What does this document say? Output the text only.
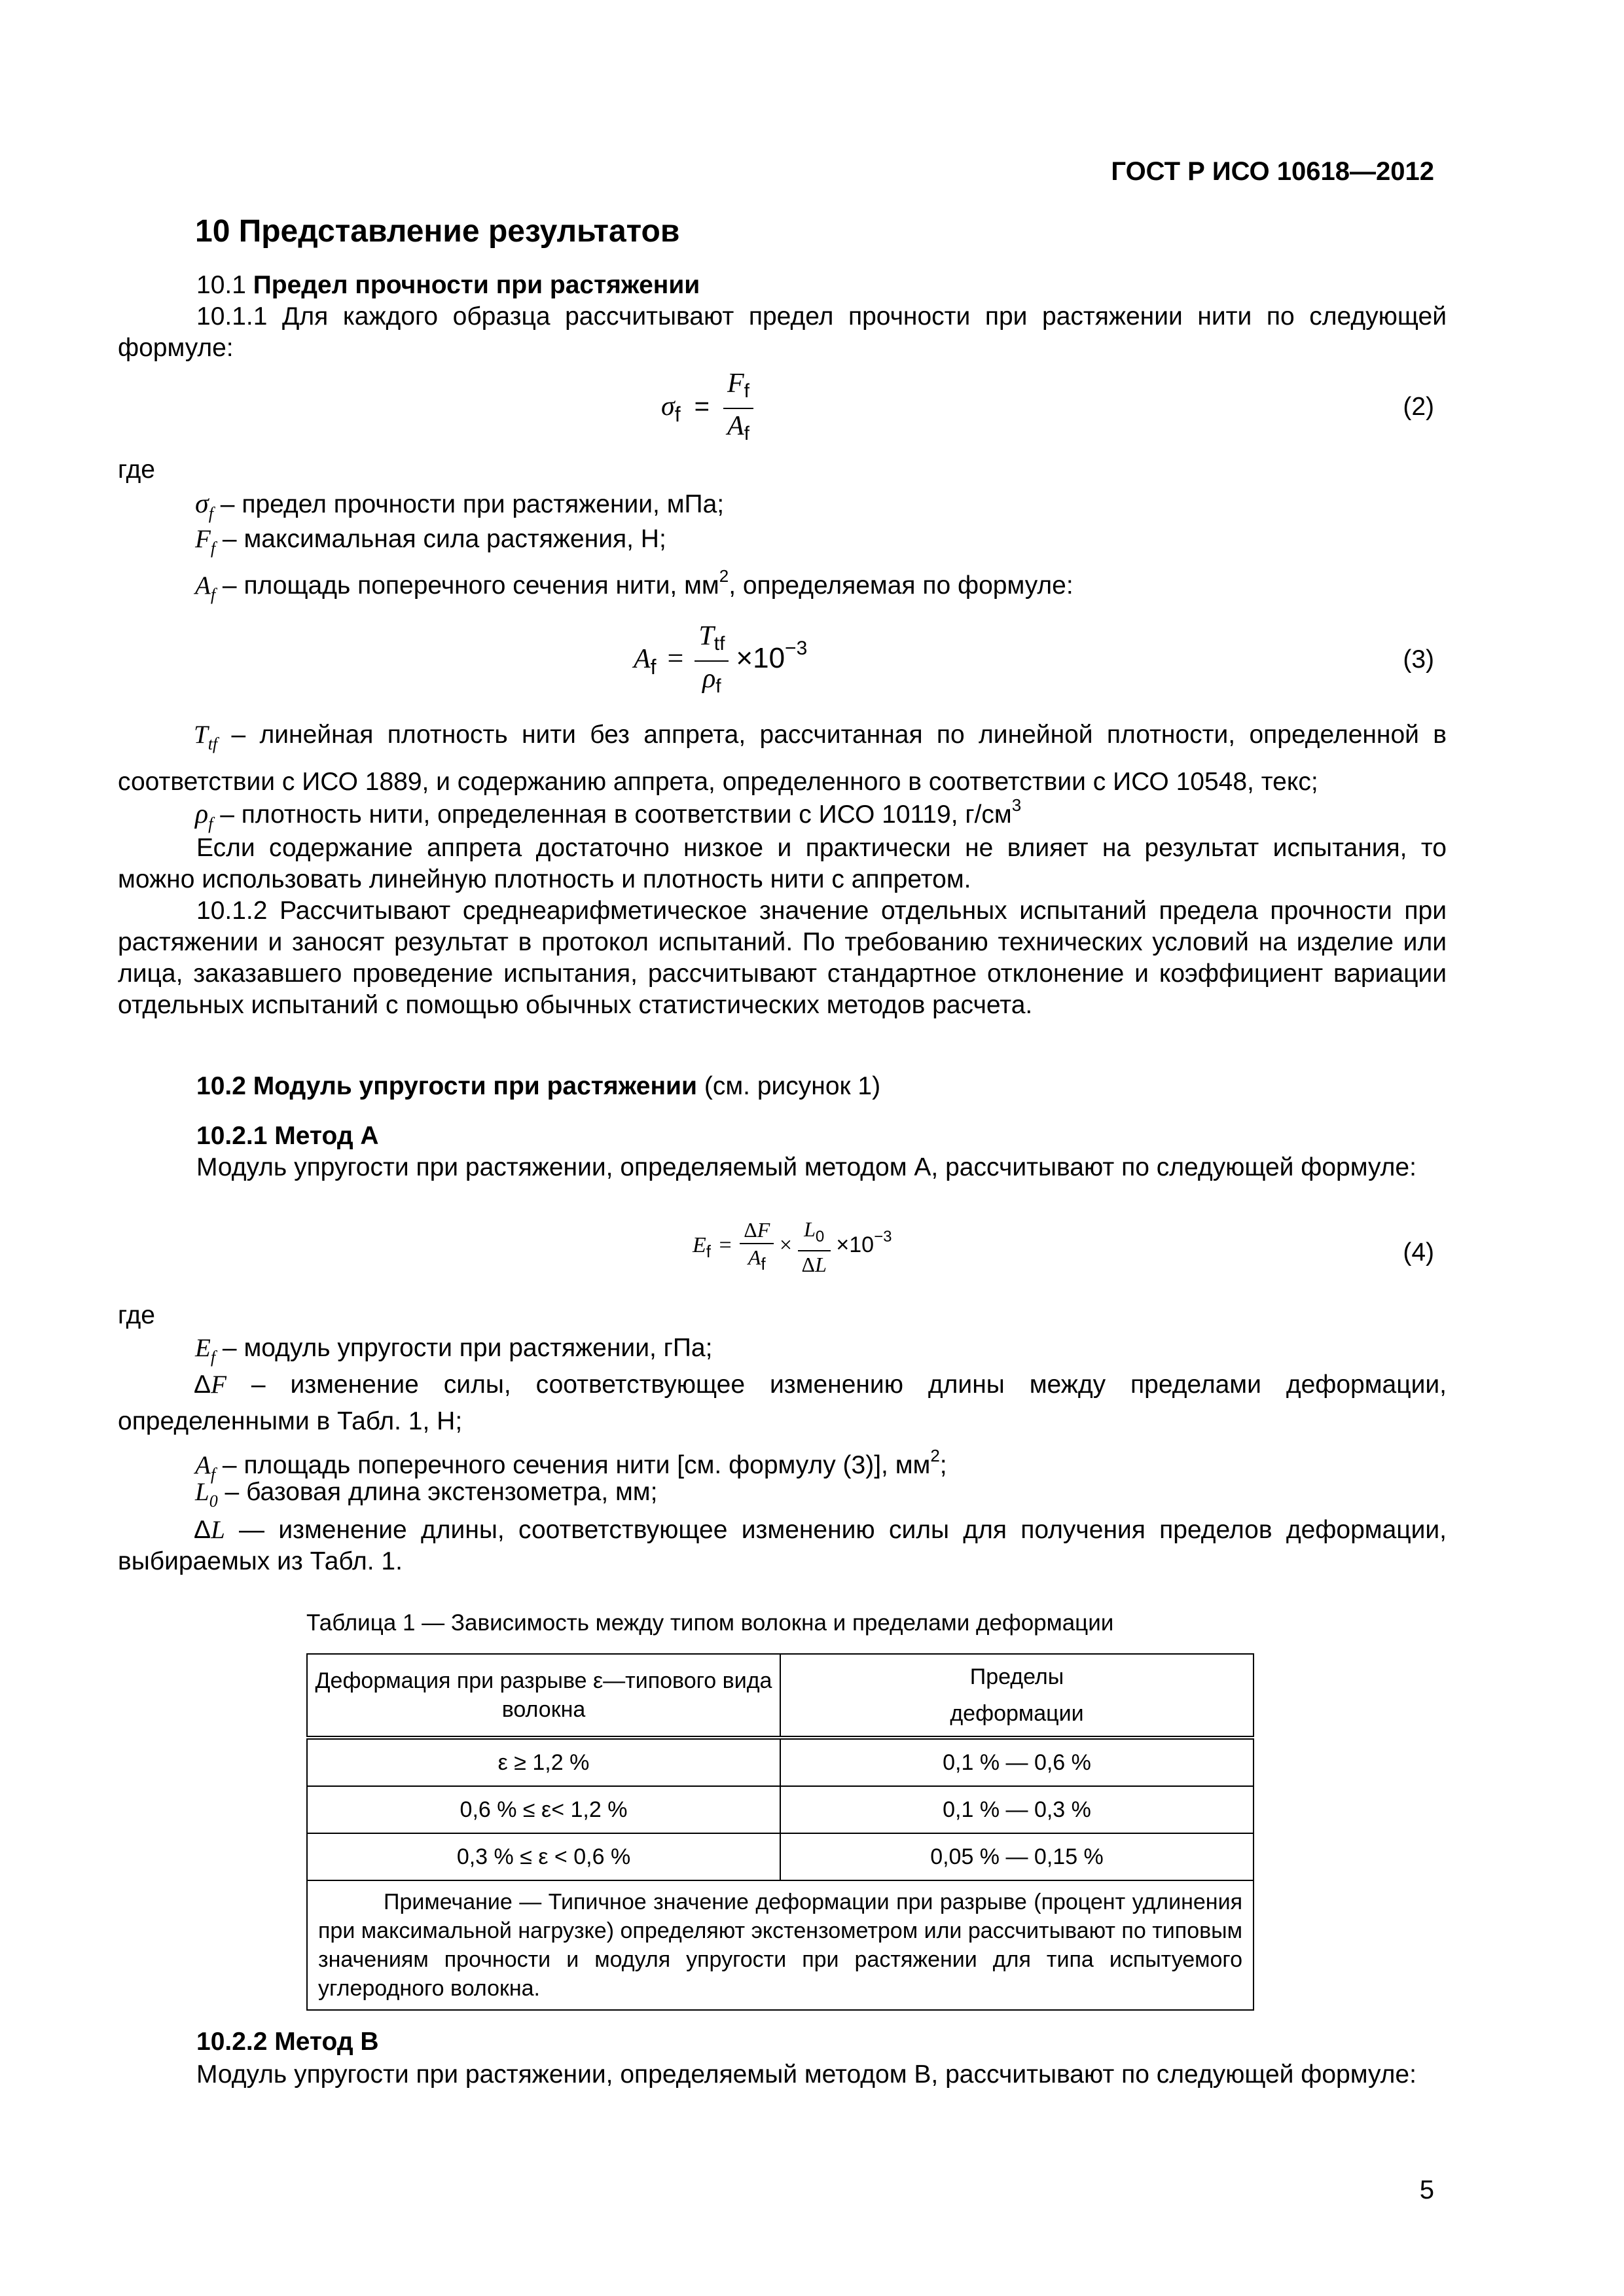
ГОСТ Р ИСО 10618—2012
10 Представление результатов
10.1 Предел прочности при растяжении
10.1.1 Для каждого образца рассчитывают предел прочности при растяжении нити по следующей формуле:
$\sigma_f = \frac{Ff}{Af}$	(2)
где
$\sigma_f$ – предел прочности при растяжении, мПа;
$F_f$ – максимальная сила растяжения, Н;
$A_f$ – площадь поперечного сечения нити, $мм^2$, определяемая по формуле:
$A_f = \frac{\text{Ttf}}{\rho f} \times 10^{-3}$	(3)
$T_{tf}$ – линейная плотность нити без аппрета, рассчитанная по линейной плотности, определенной в соответствии с ИСО 1889, и содержанию аппрета, определенного в соответствии с ИСО 10548, текс;
$\rho_f$ – плотность нити, определенная в соответствии с ИСО 10119, $г/см^3$
Если содержание аппрета достаточно низкое и практически не влияет на результат испытания, то можно использовать линейную плотность и плотность нити с аппретом.
10.1.2 Рассчитывают среднеарифметическое значение отдельных испытаний предела прочности при растяжении и заносят результат в протокол испытаний. По требованию технических условий на изделие или лица, заказавшего проведение испытания, рассчитывают стандартное отклонение и коэффициент вариации отдельных испытаний с помощью обычных статистических методов расчета.
10.2 Модуль упругости при растяжении (см. рисунок 1)
10.2.1 Метод А
Модуль упругости при растяжении, определяемый методом А, рассчитывают по следующей формуле:
$E_f = \frac{\Delta F}{A_f} \times \frac{L_0}{\Delta L} \times 10^{-3}$
(4)
где
$E_f$ – модуль упругости при растяжении, гПа;
ΔF – изменение силы, соответствующее изменению длины между пределами деформации, определенными в Табл. 1, Н;
$A_f$ – площадь поперечного сечения нити [см. формулу (3)], $мм^2$;
$L_0$ – базовая длина экстензометра, мм;
ΔL — изменение длины, соответствующее изменению силы для получения пределов деформации, выбираемых из Табл. 1.
Таблица 1 — Зависимость между типом волокна и пределами деформации
Деформация при разрыве ε—типового вида волокна	Пределы
деформации

ε ≥ 1,2 %	0,1 % — 0,6 %
0,6 % ≤ ε< 1,2 %	0,1 % — 0,3 %
0,3 % ≤ ε < 0,6 %	0,05 % — 0,15 %
Примечание — Типичное значение деформации при разрыве (процент удлинения при максимальной нагрузке) определяют экстензометром или рассчитывают по типовым значениям прочности и модуля упругости при растяжении для типа испытуемого углеродного волокна.	
10.2.2 Метод В
Модуль упругости при растяжении, определяемый методом В, рассчитывают по следующей формуле:
5
